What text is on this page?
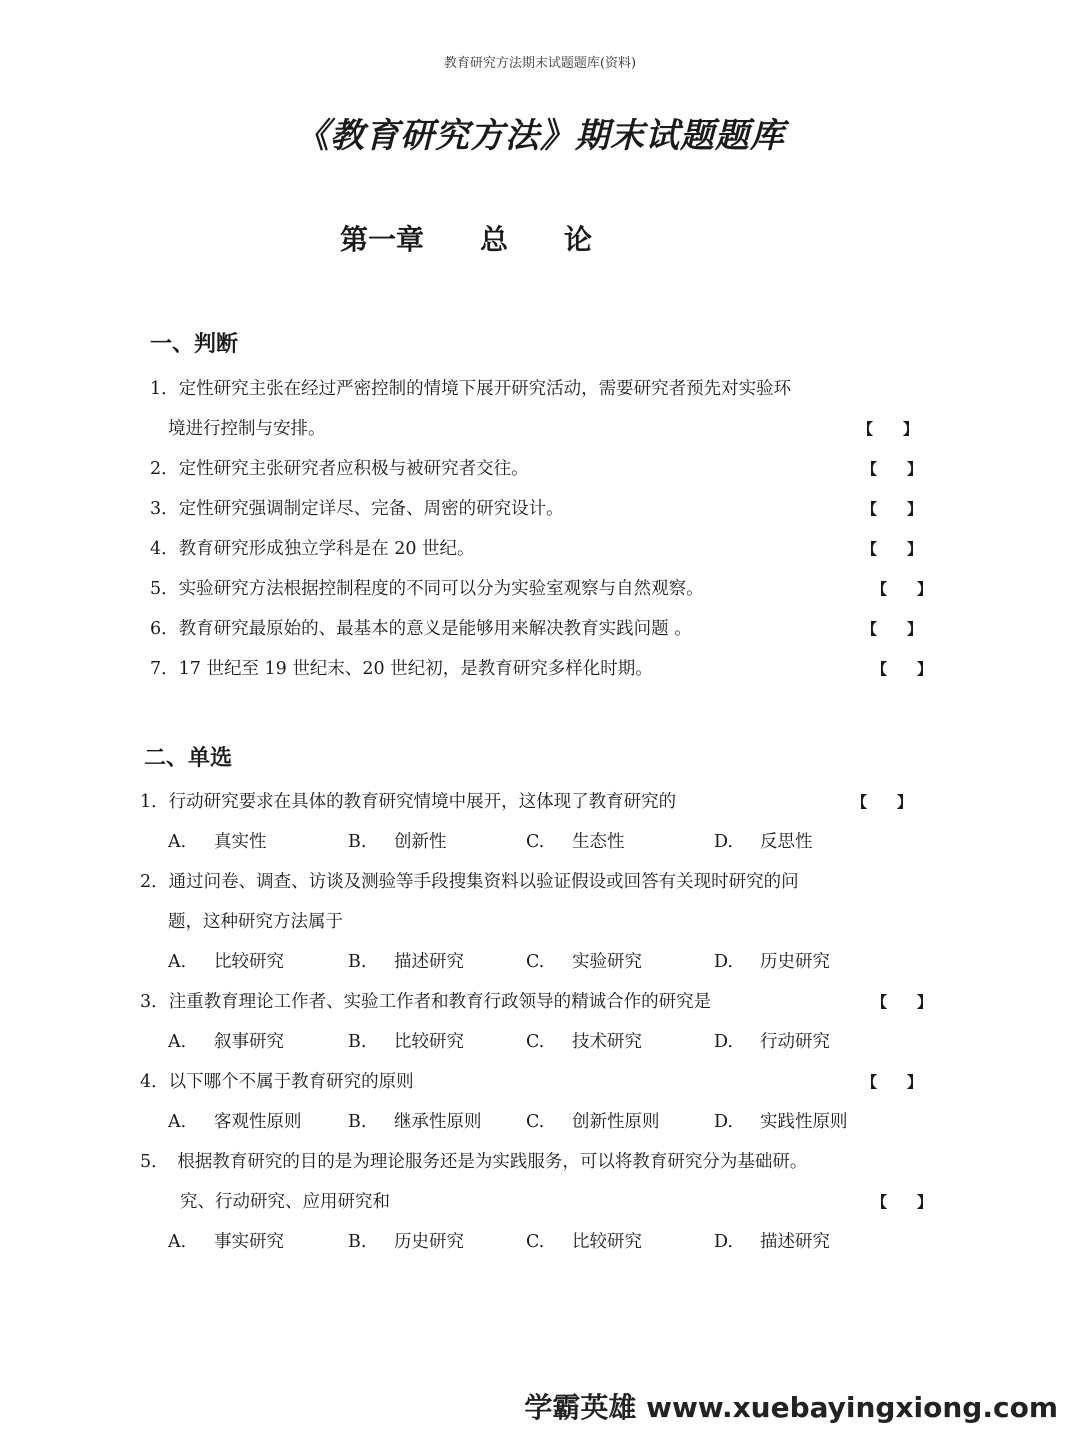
教育研究方法期末试题题库(资料)
《教育研究方法》期末试题题库
第一章　　总　　论
一、判断
1．定性研究主张在经过严密控制的情境下展开研究活动，需要研究者预先对实验环
境进行控制与安排。	【　　】
2．定性研究主张研究者应积极与被研究者交往。	【　　】
3．定性研究强调制定详尽、完备、周密的研究设计。	【　　】
4．教育研究形成独立学科是在 20 世纪。	【　　】
5．实验研究方法根据控制程度的不同可以分为实验室观察与自然观察。	【　　】
6．教育研究最原始的、最基本的意义是能够用来解决教育实践问题 。	【　　】
7．17 世纪至 19 世纪末、20 世纪初，是教育研究多样化时期。	【　　】
二、单选
1．行动研究要求在具体的教育研究情境中展开，这体现了教育研究的	【　　】
A. 真实性	B. 创新性	C. 生态性	D. 反思性
2．通过问卷、调查、访谈及测验等手段搜集资料以验证假设或回答有关现时研究的问
题，这种研究方法属于
A. 比较研究	B. 描述研究	C. 实验研究	D. 历史研究
3．注重教育理论工作者、实验工作者和教育行政领导的精诚合作的研究是	【　　】
A. 叙事研究	B. 比较研究	C. 技术研究	D. 行动研究
4．以下哪个不属于教育研究的原则	【　　】
A. 客观性原则	B. 继承性原则	C. 创新性原则	D. 实践性原则
5．　根据教育研究的目的是为理论服务还是为实践服务，可以将教育研究分为基础研。
究、行动研究、应用研究和	【　　】
A. 事实研究	B. 历史研究	C. 比较研究	D. 描述研究
学霸英雄 www.xuebayingxiong.com
